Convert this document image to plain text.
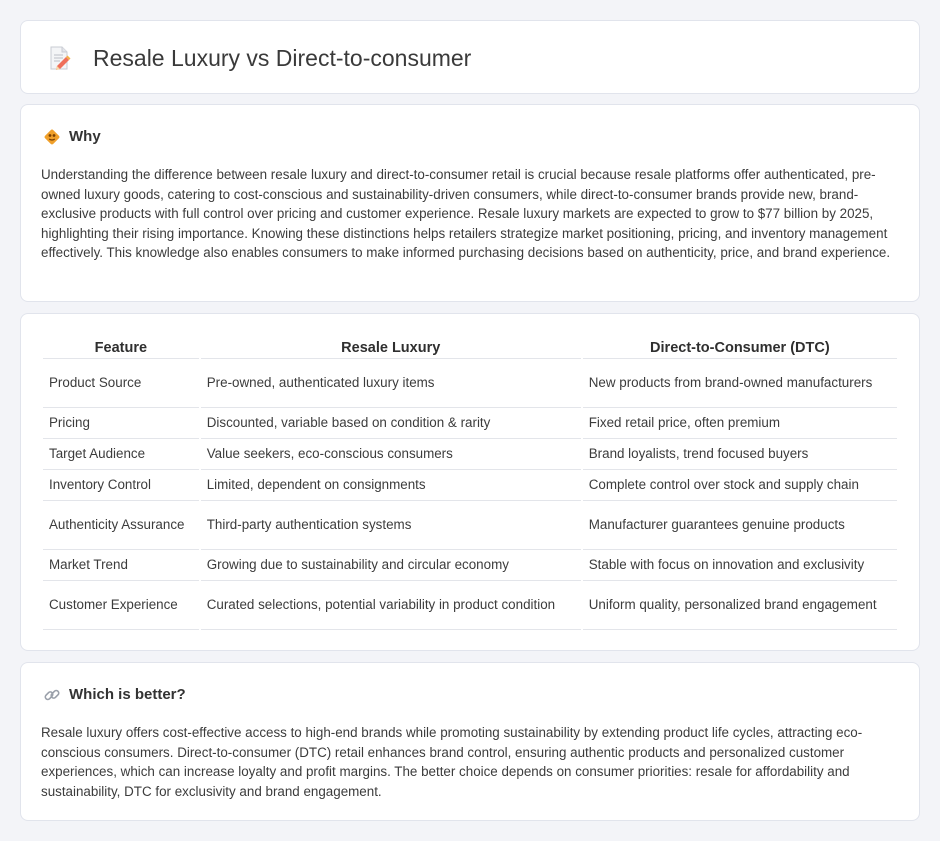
Resale Luxury vs Direct-to-consumer
Why

Understanding the difference between resale luxury and direct-to-consumer retail is crucial because resale platforms offer authenticated, pre-owned luxury goods, catering to cost-conscious and sustainability-driven consumers, while direct-to-consumer brands provide new, brand-exclusive products with full control over pricing and customer experience. Resale luxury markets are expected to grow to $77 billion by 2025, highlighting their rising importance. Knowing these distinctions helps retailers strategize market positioning, pricing, and inventory management effectively. This knowledge also enables consumers to make informed purchasing decisions based on authenticity, price, and brand experience.

Feature	Resale Luxury	Direct-to-Consumer (DTC)
Product Source	Pre-owned, authenticated luxury items	New products from brand-owned manufacturers
Pricing	Discounted, variable based on condition & rarity	Fixed retail price, often premium
Target Audience	Value seekers, eco-conscious consumers	Brand loyalists, trend focused buyers
Inventory Control	Limited, dependent on consignments	Complete control over stock and supply chain
Authenticity Assurance	Third-party authentication systems	Manufacturer guarantees genuine products
Market Trend	Growing due to sustainability and circular economy	Stable with focus on innovation and exclusivity
Customer Experience	Curated selections, potential variability in product condition	Uniform quality, personalized brand engagement
Which is better?

Resale luxury offers cost-effective access to high-end brands while promoting sustainability by extending product life cycles, attracting eco-conscious consumers. Direct-to-consumer (DTC) retail enhances brand control, ensuring authentic products and personalized customer experiences, which can increase loyalty and profit margins. The better choice depends on consumer priorities: resale for affordability and sustainability, DTC for exclusivity and brand engagement.
